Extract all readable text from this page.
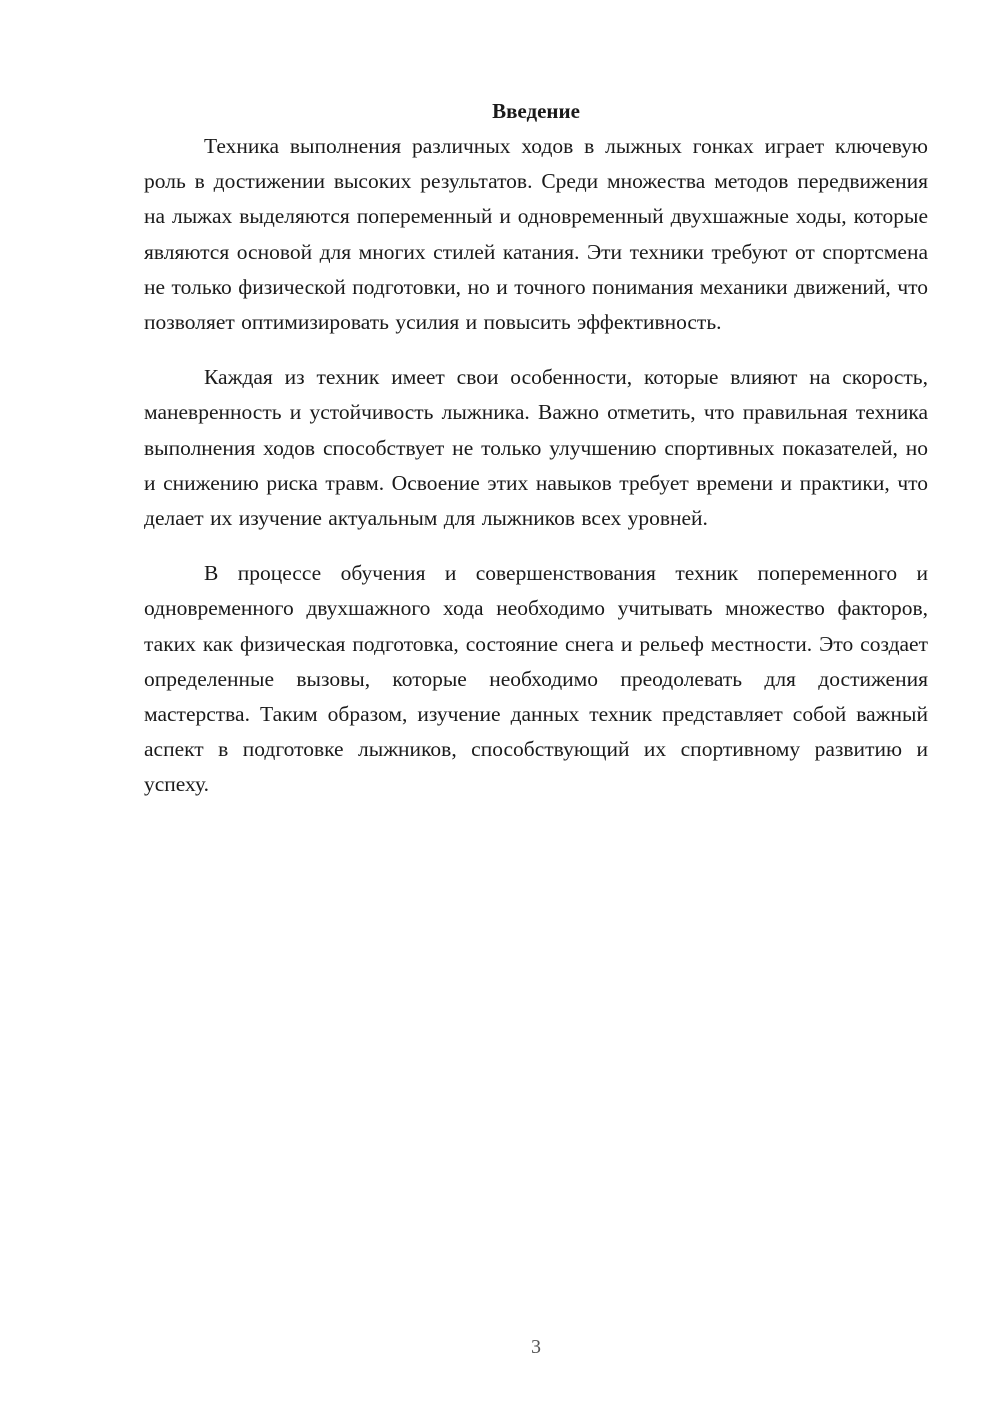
Введение

Техника выполнения различных ходов в лыжных гонках играет ключевую роль в достижении высоких результатов. Среди множества методов передвижения на лыжах выделяются попеременный и одновременный двухшажные ходы, которые являются основой для многих стилей катания. Эти техники требуют от спортсмена не только физической подготовки, но и точного понимания механики движений, что позволяет оптимизировать усилия и повысить эффективность.

Каждая из техник имеет свои особенности, которые влияют на скорость, маневренность и устойчивость лыжника. Важно отметить, что правильная техника выполнения ходов способствует не только улучшению спортивных показателей, но и снижению риска травм. Освоение этих навыков требует времени и практики, что делает их изучение актуальным для лыжников всех уровней.

В процессе обучения и совершенствования техник попеременного и одновременного двухшажного хода необходимо учитывать множество факторов, таких как физическая подготовка, состояние снега и рельеф местности. Это создает определенные вызовы, которые необходимо преодолевать для достижения мастерства. Таким образом, изучение данных техник представляет собой важный аспект в подготовке лыжников, способствующий их спортивному развитию и успеху.

3
